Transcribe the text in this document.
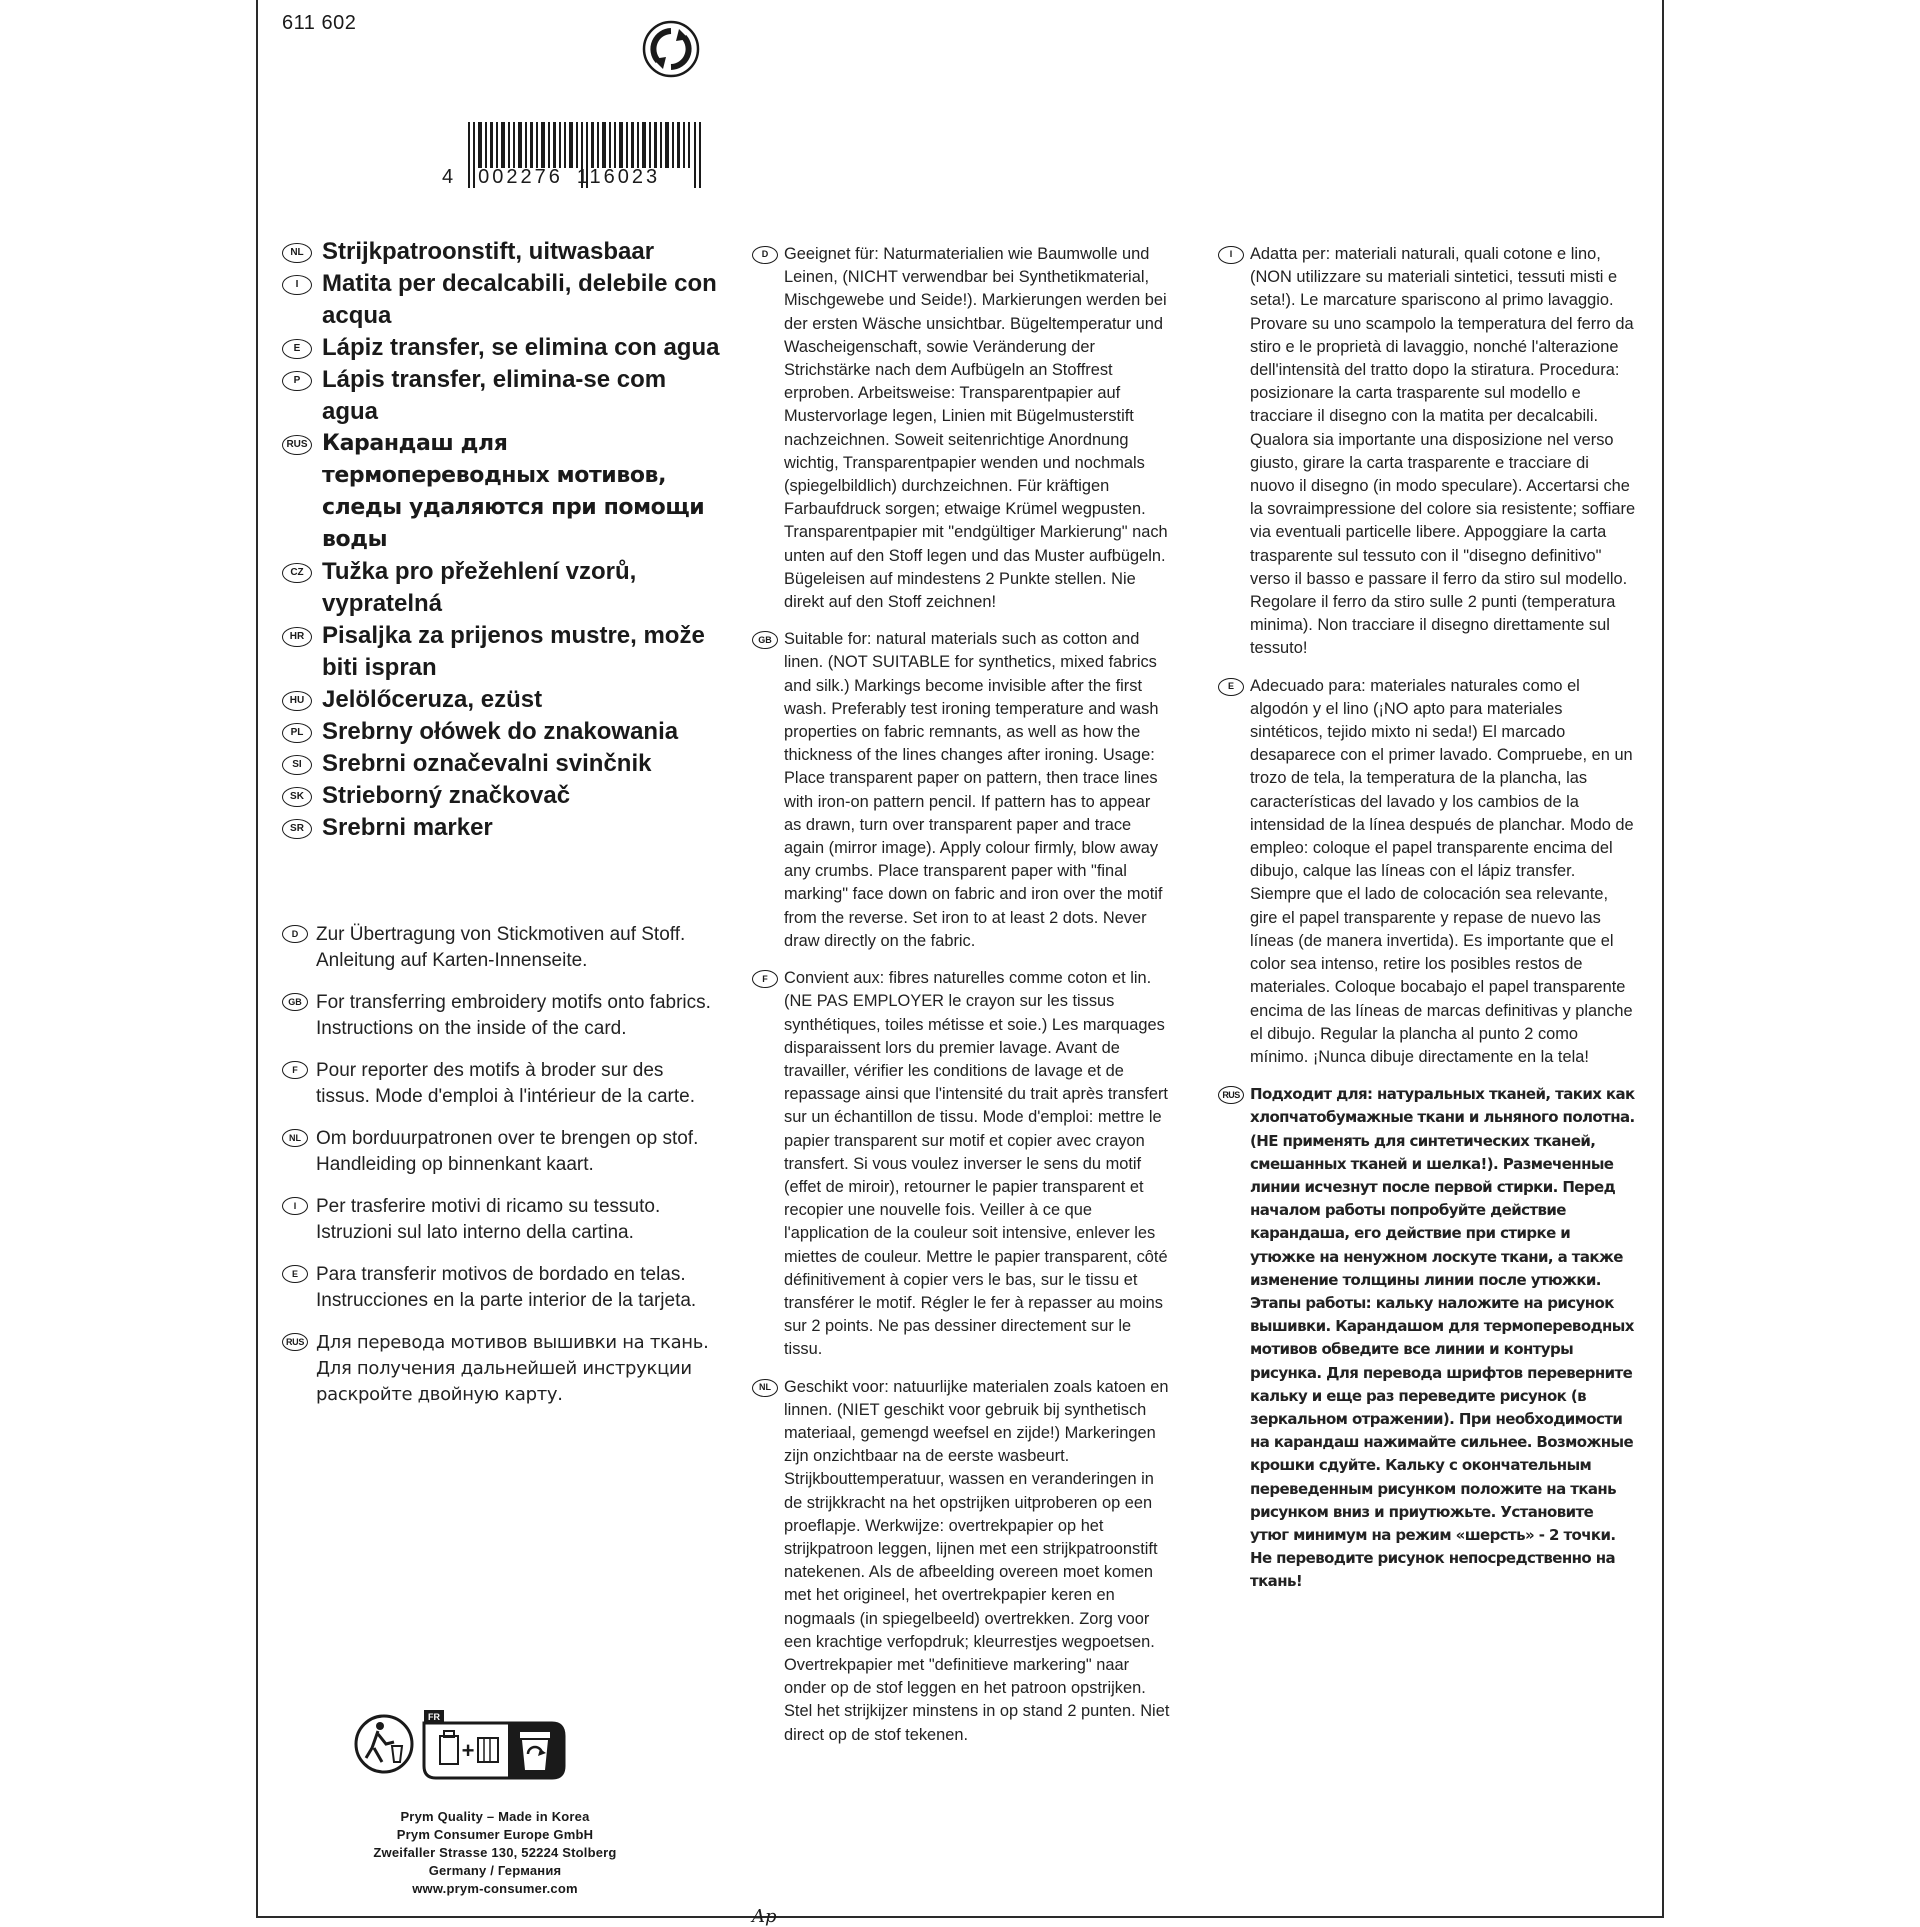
611 602
4 002276 116023
NL Strijkpatroonstift, uitwasbaar
I Matita per decalcabili, delebile con acqua
E Lápiz transfer, se elimina con agua
P Lápis transfer, elimina-se com agua
RUS Карандаш для термопереводных мотивов, следы удаляются при помощи воды
CZ Tužka pro přežehlení vzorů, vypratelná
HR Pisaljka za prijenos mustre, može biti ispran
HU Jelölőceruza, ezüst
PL Srebrny ołówek do znakowania
SI Srebrni označevalni svinčnik
SK Strieborný značkovač
SR Srebrni marker
D Zur Übertragung von Stickmotiven auf Stoff. Anleitung auf Karten-Innenseite.
GB For transferring embroidery motifs onto fabrics. Instructions on the inside of the card.
F Pour reporter des motifs à broder sur des tissus. Mode d'emploi à l'intérieur de la carte.
NL Om borduurpatronen over te brengen op stof. Handleiding op binnenkant kaart.
I	Per trasferire motivi di ricamo su tessuto. Istruzioni sul lato interno della cartina.
E Para transferir motivos de bordado en telas. Instrucciones en la parte interior de la tarjeta.
RUS Для перевода мотивов вышивки на ткань. Для получения дальнейшей инструкции раскройте двойную карту.
D Geeignet für: Naturmaterialien wie Baumwolle und Leinen, (NICHT verwendbar bei Synthetikmaterial, Mischgewebe und Seide!). Markierungen werden bei der ersten Wäsche unsichtbar. Bügeltemperatur und Wascheigenschaft, sowie Veränderung der Strichstärke nach dem Aufbügeln an Stoffrest erproben. Arbeitsweise: Transparentpapier auf Mustervorlage legen, Linien mit Bügelmusterstift nachzeichnen. Soweit seitenrichtige Anordnung wichtig, Transparentpapier wenden und nochmals (spiegelbildlich) durchzeichnen. Für kräftigen Farbaufdruck sorgen; etwaige Krümel wegpusten. Transparentpapier mit "endgültiger Markierung" nach unten auf den Stoff legen und das Muster aufbügeln. Bügeleisen auf mindestens 2 Punkte stellen. Nie direkt auf den Stoff zeichnen!
GB Suitable for: natural materials such as cotton and linen. (NOT SUITABLE for synthetics, mixed fabrics and silk.) Markings become invisible after the first wash. Preferably test ironing temperature and wash properties on fabric remnants, as well as how the thickness of the lines changes after ironing. Usage: Place transparent paper on pattern, then trace lines with iron-on pattern pencil. If pattern has to appear as drawn, turn over transparent paper and trace again (mirror image). Apply colour firmly, blow away any crumbs. Place transparent paper with "final marking" face down on fabric and iron over the motif from the reverse. Set iron to at least 2 dots. Never draw directly on the fabric.
F Convient aux: fibres naturelles comme coton et lin. (NE PAS EMPLOYER le crayon sur les tissus synthétiques, toiles métisse et soie.) Les marquages disparaissent lors du premier lavage. Avant de travailler, vérifier les conditions de lavage et de repassage ainsi que l'intensité du trait après transfert sur un échantillon de tissu. Mode d'emploi: mettre le papier transparent sur motif et copier avec crayon transfert. Si vous voulez inverser le sens du motif (effet de miroir), retourner le papier transparent et recopier une nouvelle fois. Veiller à ce que l'application de la couleur soit intensive, enlever les miettes de couleur. Mettre le papier transparent, côté définitivement à copier vers le bas, sur le tissu et transférer le motif. Régler le fer à repasser au moins sur 2 points. Ne pas dessiner directement sur le tissu.
NL Geschikt voor: natuurlijke materialen zoals katoen en linnen. (NIET geschikt voor gebruik bij synthetisch materiaal, gemengd weefsel en zijde!) Markeringen zijn onzichtbaar na de eerste wasbeurt. Strijkbouttemperatuur, wassen en veranderingen in de strijkkracht na het opstrijken uitproberen op een proeflapje. Werkwijze: overtrekpapier op het strijkpatroon leggen, lijnen met een strijkpatroonstift natekenen. Als de afbeelding overeen moet komen met het origineel, het overtrekpapier keren en nogmaals (in spiegelbeeld) overtrekken. Zorg voor een krachtige verfopdruk; kleurrestjes wegpoetsen. Overtrekpapier met "definitieve markering" naar onder op de stof leggen en het patroon opstrijken. Stel het strijkijzer minstens in op stand 2 punten. Niet direct op de stof tekenen.
I	Adatta per: materiali naturali, quali cotone e lino, (NON utilizzare su materiali sintetici, tessuti misti e seta!). Le marcature spariscono al primo lavaggio. Provare su uno scampolo la temperatura del ferro da stiro e le proprietà di lavaggio, nonché l'alterazione dell'intensità del tratto dopo la stiratura. Procedura: posizionare la carta trasparente sul modello e tracciare il disegno con la matita per decalcabili. Qualora sia importante una disposizione nel verso giusto, girare la carta trasparente e tracciare di nuovo il disegno (in modo speculare). Accertarsi che la sovraimpressione del colore sia resistente; soffiare via eventuali particelle libere. Appoggiare la carta trasparente sul tessuto con il "disegno definitivo" verso il basso e passare il ferro da stiro sul modello. Regolare il ferro da stiro sulle 2 punti (temperatura minima). Non tracciare il disegno direttamente sul tessuto!
E Adecuado para: materiales naturales como el algodón y el lino (¡NO apto para materiales sintéticos, tejido mixto ni seda!) El marcado desaparece con el primer lavado. Compruebe, en un trozo de tela, la temperatura de la plancha, las características del lavado y los cambios de la intensidad de la línea después de planchar. Modo de empleo: coloque el papel transparente encima del dibujo, calque las líneas con el lápiz transfer. Siempre que el lado de colocación sea relevante, gire el papel transparente y repase de nuevo las líneas (de manera invertida). Es importante que el color sea intenso, retire los posibles restos de materiales. Coloque bocabajo el papel transparente encima de las líneas de marcas definitivas y planche el dibujo. Regular la plancha al punto 2 como mínimo. ¡Nunca dibuje directamente en la tela!
RUS Подходит для: натуральных тканей, таких как хлопчатобумажные ткани и льняного полотна. (НЕ применять для синтетических тканей, смешанных тканей и шелка!). Размеченные линии исчезнут после первой стирки. Перед началом работы попробуйте действие карандаша, его действие при стирке и утюжке на ненужном лоскуте ткани, а также изменение толщины линии после утюжки. Этапы работы: кальку наложите на рисунок вышивки. Карандашом для термопереводных мотивов обведите все линии и контуры рисунка. Для перевода шрифтов переверните кальку и еще раз переведите рисунок (в зеркальном отражении). При необходимости на карандаш нажимайте сильнее. Возможные крошки сдуйте. Кальку с окончательным переведенным рисунком положите на ткань рисунком вниз и приутюжьте. Установите утюг минимум на режим «шерсть» - 2 точки. Не переводите рисунок непосредственно на ткань!
FR
+
Prym Quality – Made in Korea
Prym Consumer Europe GmbH
Zweifaller Strasse 130, 52224 Stolberg
Germany / Германия
www.prym-consumer.com
Ap
